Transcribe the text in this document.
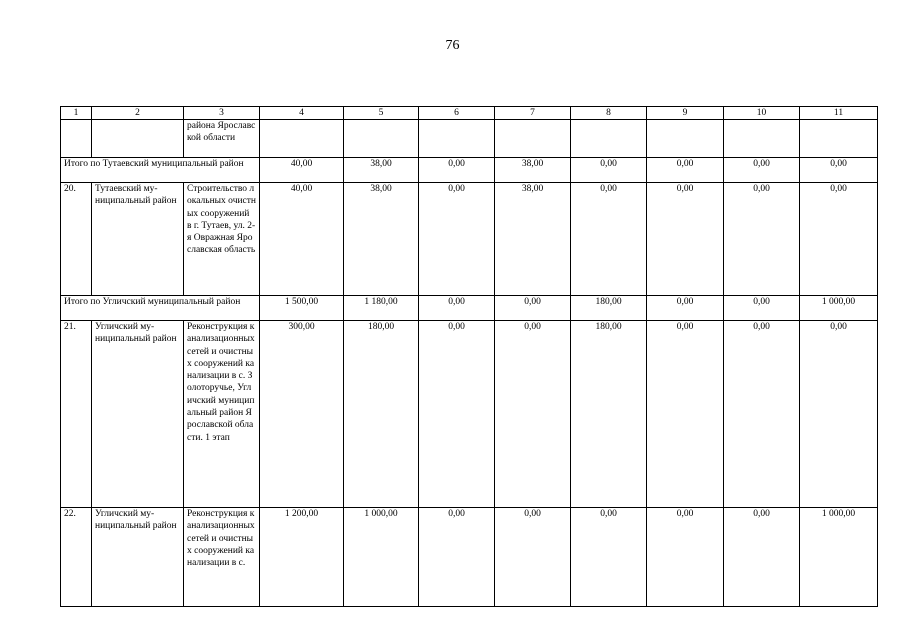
76
1	2	3	4	5	6	7	8	9	10	11
		района Ярославской области								
Итого по Тутаевский муниципальный район			40,00	38,00	0,00	38,00	0,00	0,00	0,00	0,00
20.	Тутаевский му-ниципальный район	Строительство локальных очистных сооружений в г. Тутаев, ул. 2-я Овражная Ярославская область	40,00	38,00	0,00	38,00	0,00	0,00	0,00	0,00
Итого по Угличский муниципальный район			1 500,00	1 180,00	0,00	0,00	180,00	0,00	0,00	1 000,00
21.	Угличский му-ниципальный район	Реконструкция канализационных сетей и очистных сооружений канализации в с. Золоторучье, Угличский муниципальный район Ярославской области. 1 этап	300,00	180,00	0,00	0,00	180,00	0,00	0,00	0,00
22.	Угличский му-ниципальный район	Реконструкция канализационных сетей и очистных сооружений канализации в с.	1 200,00	1 000,00	0,00	0,00	0,00	0,00	0,00	1 000,00
